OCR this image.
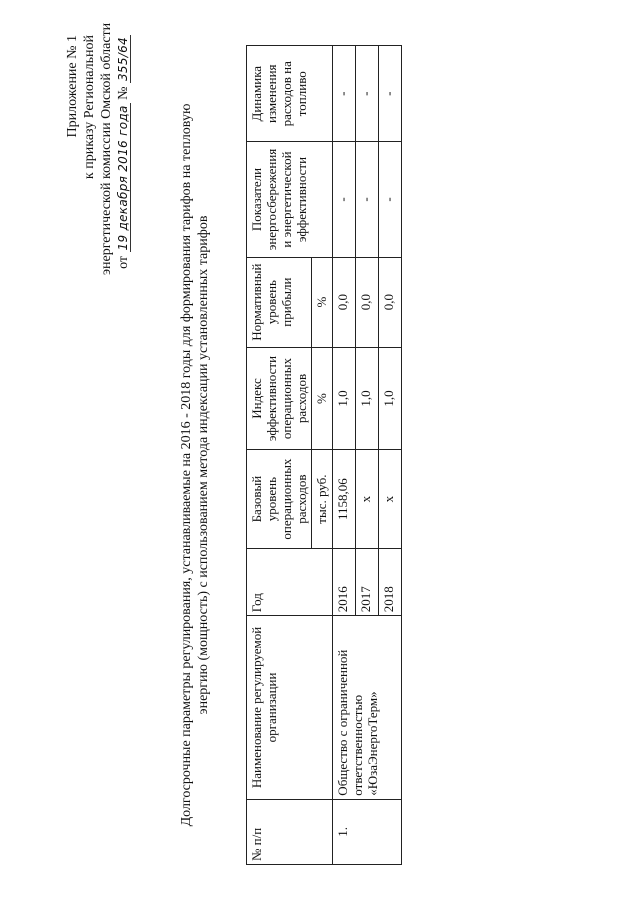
Приложение № 1 к приказу Региональной энергетической комиссии Омской области от 19 декабря 2016 года № 355/64
Долгосрочные параметры регулирования, устанавливаемые на 2016 - 2018 годы для формирования тарифов на тепловую энергию (мощность) с использованием метода индексации установленных тарифов
№ п/п	Наименование регулируемой организации	Год	Базовый уровень операционных расходов	Индекс эффективности операционных расходов	Нормативный уровень прибыли	Показатели энергосбережения и энергетической эффективности	Динамика изменения расходов на топливо
			тыс. руб.	%	%		
1.	Общество с ограниченной ответственностью «ЮзаЭнергоТерм»	2016	1158,06	1,0	0,0	-	-
		2017	х	1,0	0,0	-	-
		2018	х	1,0	0,0	-	-
